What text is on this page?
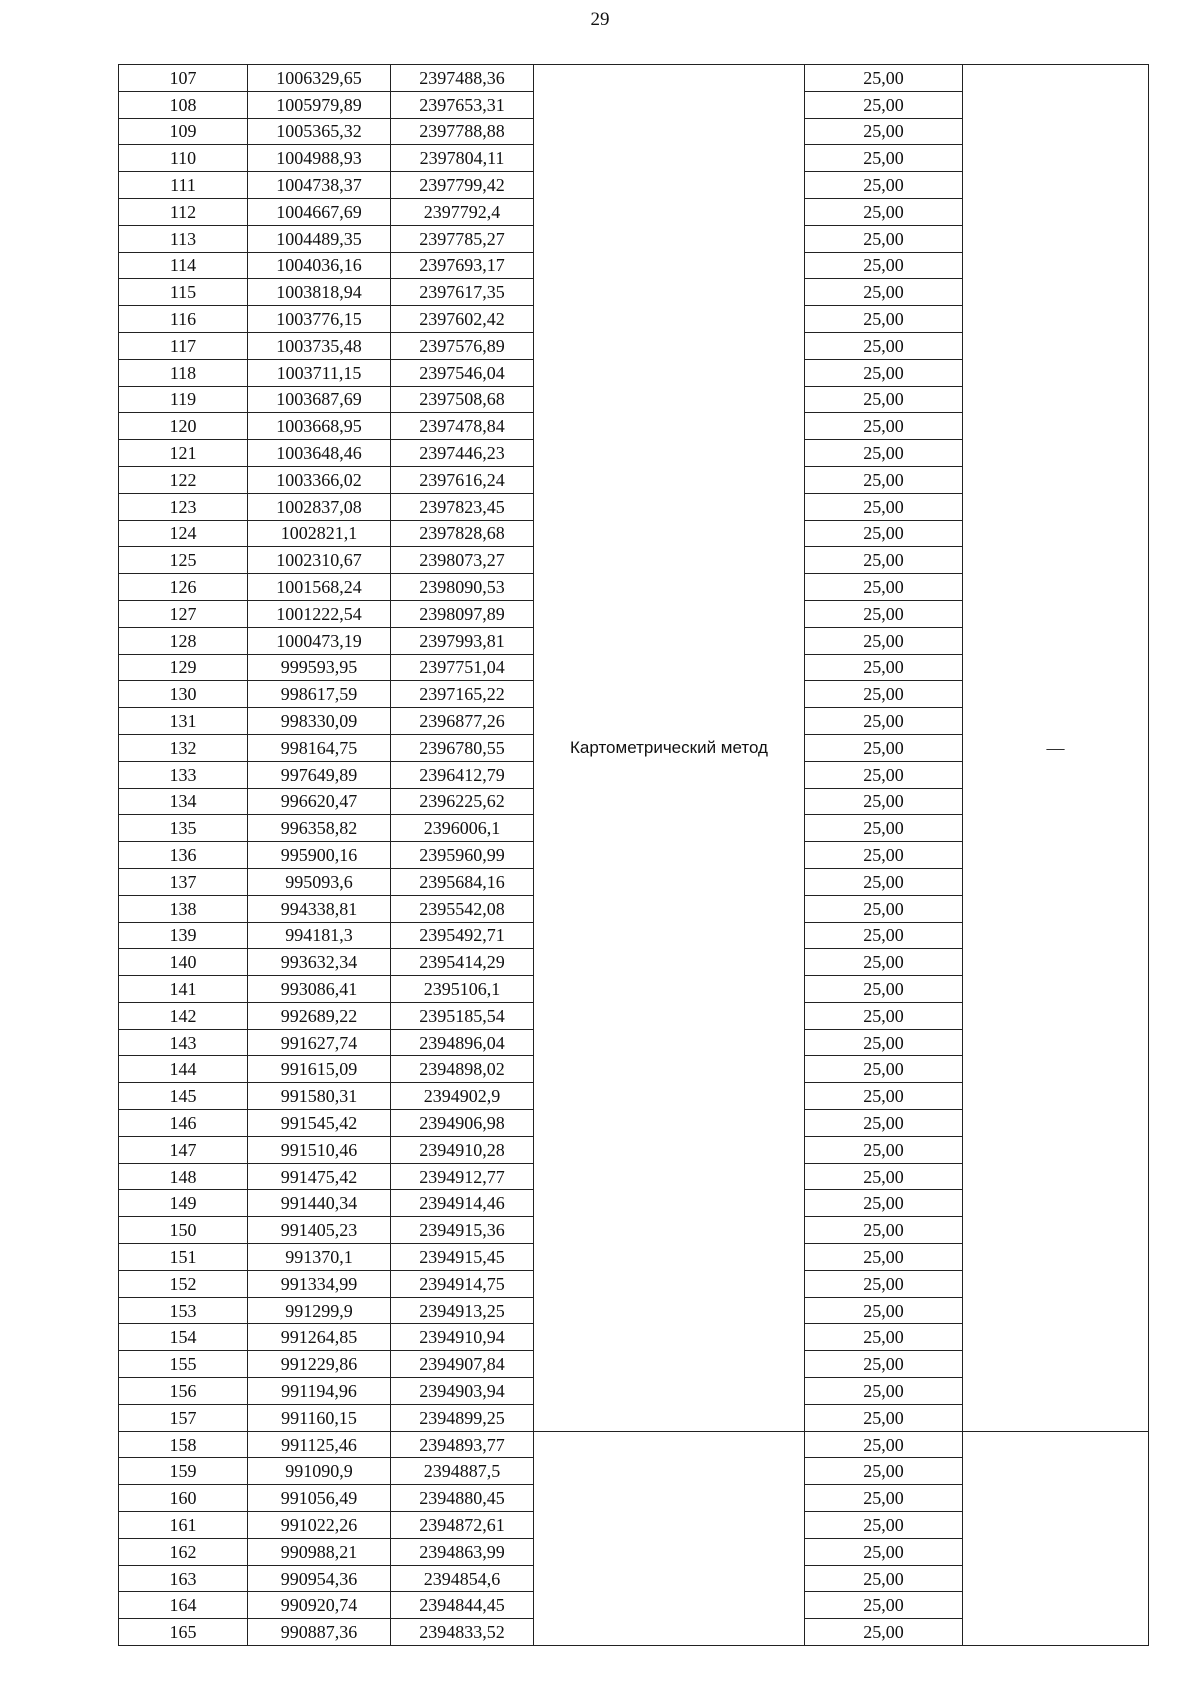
29
107	1006329,65	2397488,36	Картометрический метод	25,00	—
108	1005979,89	2397653,31		25,00	
109	1005365,32	2397788,88		25,00	
110	1004988,93	2397804,11		25,00	
111	1004738,37	2397799,42		25,00	
112	1004667,69	2397792,4		25,00	
113	1004489,35	2397785,27		25,00	
114	1004036,16	2397693,17		25,00	
115	1003818,94	2397617,35		25,00	
116	1003776,15	2397602,42		25,00	
117	1003735,48	2397576,89		25,00	
118	1003711,15	2397546,04		25,00	
119	1003687,69	2397508,68		25,00	
120	1003668,95	2397478,84		25,00	
121	1003648,46	2397446,23		25,00	
122	1003366,02	2397616,24		25,00	
123	1002837,08	2397823,45		25,00	
124	1002821,1	2397828,68		25,00	
125	1002310,67	2398073,27		25,00	
126	1001568,24	2398090,53		25,00	
127	1001222,54	2398097,89		25,00	
128	1000473,19	2397993,81		25,00	
129	999593,95	2397751,04		25,00	
130	998617,59	2397165,22		25,00	
131	998330,09	2396877,26		25,00	
132	998164,75	2396780,55		25,00	
133	997649,89	2396412,79		25,00	
134	996620,47	2396225,62		25,00	
135	996358,82	2396006,1		25,00	
136	995900,16	2395960,99		25,00	
137	995093,6	2395684,16		25,00	
138	994338,81	2395542,08		25,00	
139	994181,3	2395492,71		25,00	
140	993632,34	2395414,29		25,00	
141	993086,41	2395106,1		25,00	
142	992689,22	2395185,54		25,00	
143	991627,74	2394896,04		25,00	
144	991615,09	2394898,02		25,00	
145	991580,31	2394902,9		25,00	
146	991545,42	2394906,98		25,00	
147	991510,46	2394910,28		25,00	
148	991475,42	2394912,77		25,00	
149	991440,34	2394914,46		25,00	
150	991405,23	2394915,36		25,00	
151	991370,1	2394915,45		25,00	
152	991334,99	2394914,75		25,00	
153	991299,9	2394913,25		25,00	
154	991264,85	2394910,94		25,00	
155	991229,86	2394907,84		25,00	
156	991194,96	2394903,94		25,00	
157	991160,15	2394899,25		25,00	
158	991125,46	2394893,77		25,00	
159	991090,9	2394887,5		25,00	
160	991056,49	2394880,45		25,00	
161	991022,26	2394872,61		25,00	
162	990988,21	2394863,99		25,00	
163	990954,36	2394854,6		25,00	
164	990920,74	2394844,45		25,00	
165	990887,36	2394833,52		25,00	
